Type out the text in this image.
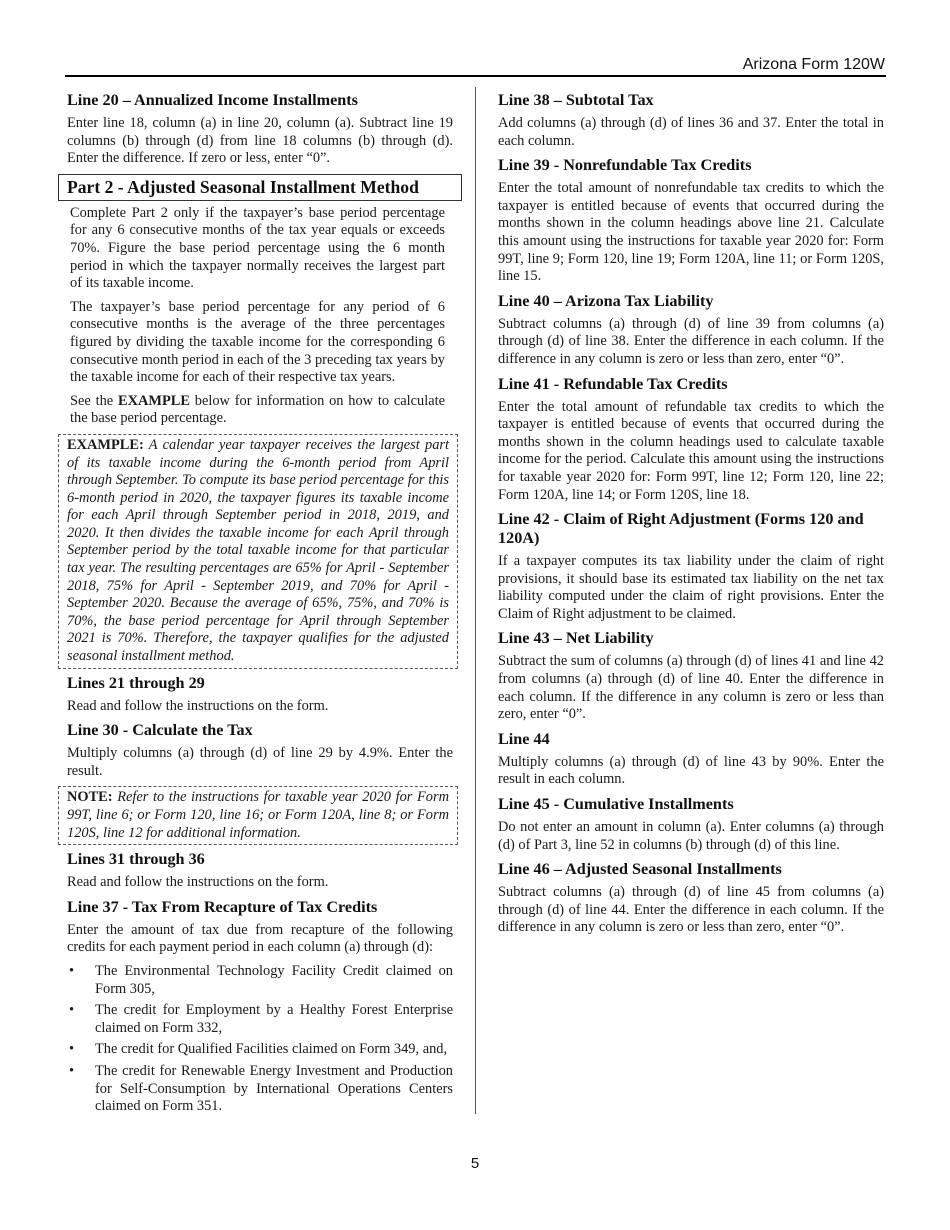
Arizona Form 120W
Line 20 – Annualized Income Installments

Enter line 18, column (a) in line 20, column (a). Subtract line 19 columns (b) through (d) from line 18 columns (b) through (d). Enter the difference. If zero or less, enter “0”.

Part 2 - Adjusted Seasonal Installment Method

Complete Part 2 only if the taxpayer’s base period percentage for any 6 consecutive months of the tax year equals or exceeds 70%. Figure the base period percentage using the 6 month period in which the taxpayer normally receives the largest part of its taxable income.

The taxpayer’s base period percentage for any period of 6 consecutive months is the average of the three percentages figured by dividing the taxable income for the corresponding 6 consecutive month period in each of the 3 preceding tax years by the taxable income for each of their respective tax years.

See the EXAMPLE below for information on how to calculate the base period percentage.

EXAMPLE: A calendar year taxpayer receives the largest part of its taxable income during the 6-month period from April through September. To compute its base period percentage for this 6-month period in 2020, the taxpayer figures its taxable income for each April through September period in 2018, 2019, and 2020. It then divides the taxable income for each April through September period by the total taxable income for that particular tax year. The resulting percentages are 65% for April - September 2018, 75% for April - September 2019, and 70% for April - September 2020. Because the average of 65%, 75%, and 70% is 70%, the base period percentage for April through September 2021 is 70%. Therefore, the taxpayer qualifies for the adjusted seasonal installment method.

Lines 21 through 29

Read and follow the instructions on the form.

Line 30 - Calculate the Tax

Multiply columns (a) through (d) of line 29 by 4.9%. Enter the result.

NOTE: Refer to the instructions for taxable year 2020 for Form 99T, line 6; or Form 120, line 16; or Form 120A, line 8; or Form 120S, line 12 for additional information.

Lines 31 through 36

Read and follow the instructions on the form.

Line 37 - Tax From Recapture of Tax Credits

Enter the amount of tax due from recapture of the following credits for each payment period in each column (a) through (d):

• The Environmental Technology Facility Credit claimed on Form 305,
• The credit for Employment by a Healthy Forest Enterprise claimed on Form 332,
• The credit for Qualified Facilities claimed on Form 349, and,
• The credit for Renewable Energy Investment and Production for Self-Consumption by International Operations Centers claimed on Form 351.
Line 38 – Subtotal Tax

Add columns (a) through (d) of lines 36 and 37. Enter the total in each column.

Line 39 - Nonrefundable Tax Credits

Enter the total amount of nonrefundable tax credits to which the taxpayer is entitled because of events that occurred during the months shown in the column headings above line 21. Calculate this amount using the instructions for taxable year 2020 for: Form 99T, line 9; Form 120, line 19; Form 120A, line 11; or Form 120S, line 15.

Line 40 – Arizona Tax Liability

Subtract columns (a) through (d) of line 39 from columns (a) through (d) of line 38. Enter the difference in each column. If the difference in any column is zero or less than zero, enter “0”.

Line 41 - Refundable Tax Credits

Enter the total amount of refundable tax credits to which the taxpayer is entitled because of events that occurred during the months shown in the column headings used to calculate taxable income for the period. Calculate this amount using the instructions for taxable year 2020 for: Form 99T, line 12; Form 120, line 22; Form 120A, line 14; or Form 120S, line 18.

Line 42 - Claim of Right Adjustment (Forms 120 and 120A)

If a taxpayer computes its tax liability under the claim of right provisions, it should base its estimated tax liability on the net tax liability computed under the claim of right provisions. Enter the Claim of Right adjustment to be claimed.

Line 43 – Net Liability

Subtract the sum of columns (a) through (d) of lines 41 and line 42 from columns (a) through (d) of line 40. Enter the difference in each column. If the difference in any column is zero or less than zero, enter “0”.

Line 44

Multiply columns (a) through (d) of line 43 by 90%. Enter the result in each column.

Line 45 - Cumulative Installments

Do not enter an amount in column (a). Enter columns (a) through (d) of Part 3, line 52 in columns (b) through (d) of this line.

Line 46 – Adjusted Seasonal Installments

Subtract columns (a) through (d) of line 45 from columns (a) through (d) of line 44. Enter the difference in each column. If the difference in any column is zero or less than zero, enter “0”.

5
